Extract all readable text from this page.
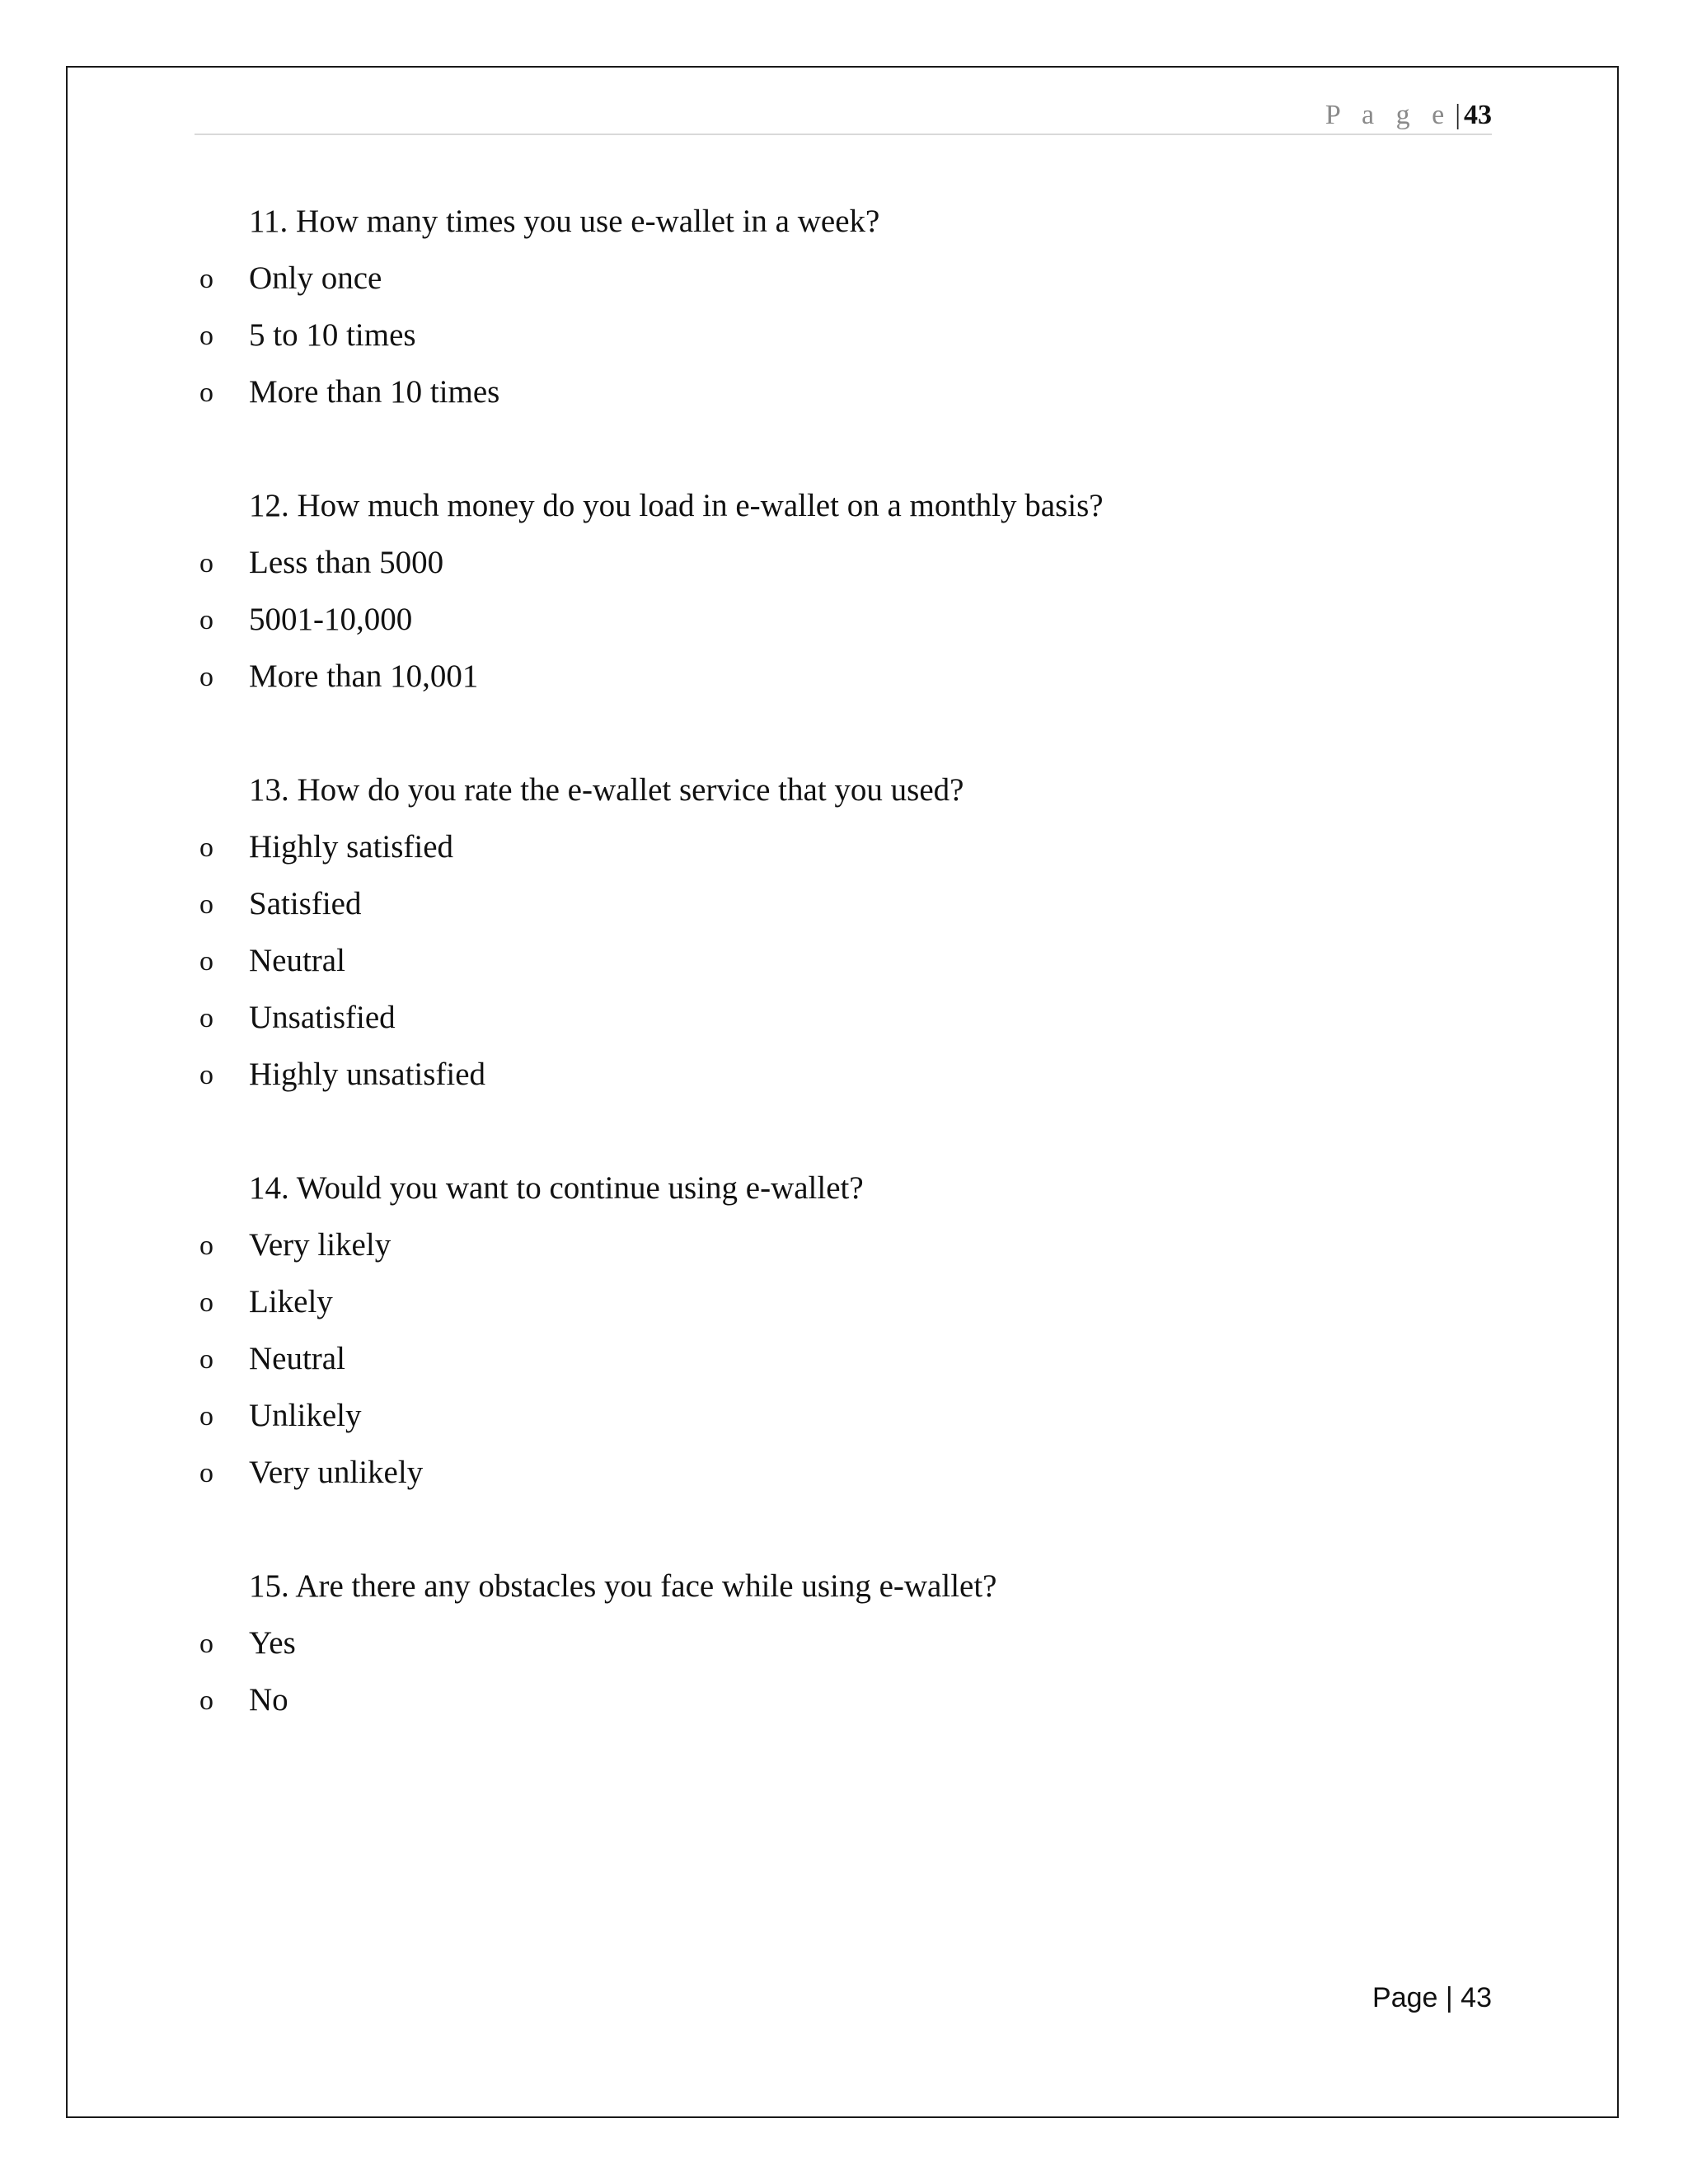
P a g e | 43
11. How many times you use e-wallet in a week?
o Only once
o 5 to 10 times
o More than 10 times
12. How much money do you load in e-wallet on a monthly basis?
o Less than 5000
o 5001-10,000
o More than 10,001
13. How do you rate the e-wallet service that you used?
o Highly satisfied
o Satisfied
o Neutral
o Unsatisfied
o Highly unsatisfied
14. Would you want to continue using e-wallet?
o Very likely
o Likely
o Neutral
o Unlikely
o Very unlikely
15. Are there any obstacles you face while using e-wallet?
o Yes
o No
Page | 43
